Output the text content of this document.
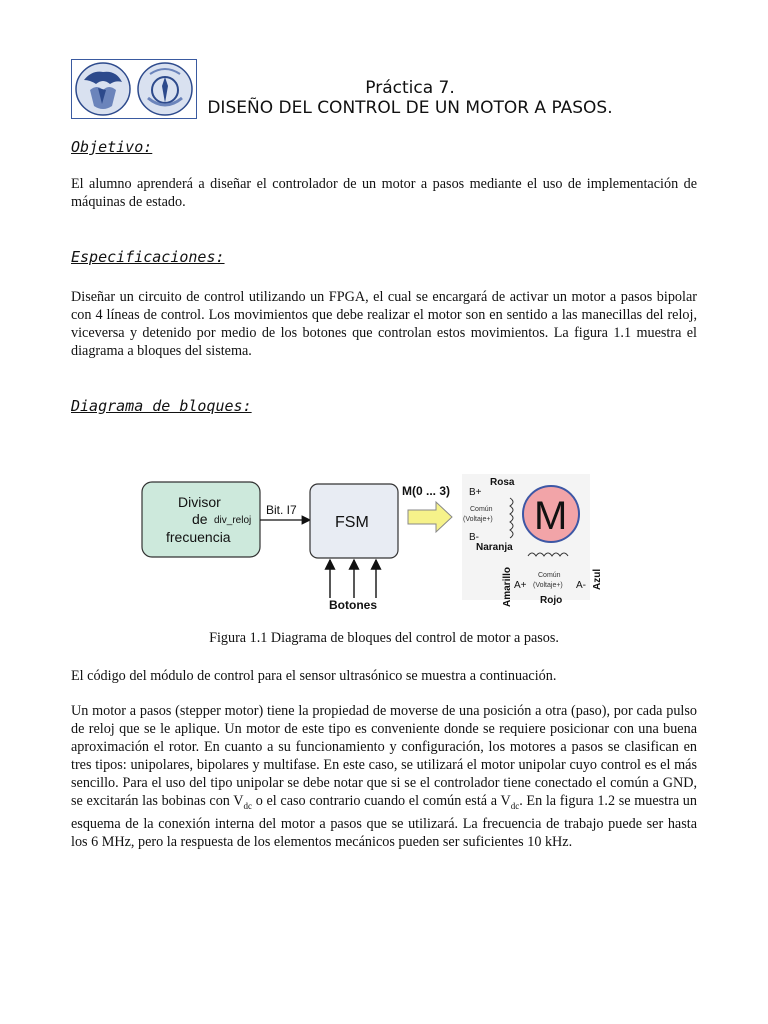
Práctica 7.
DISEÑO DEL CONTROL DE UN MOTOR A PASOS.
Objetivo:

El alumno aprenderá a diseñar el controlador de un motor a pasos mediante el uso de implementación de máquinas de estado.

Especificaciones:

Diseñar un circuito de control utilizando un FPGA, el cual se encargará de activar un motor a pasos bipolar con 4 líneas de control. Los movimientos que debe realizar el motor son en sentido a las manecillas del reloj, viceversa y detenido por medio de los botones que controlan estos movimientos. La figura 1.1 muestra el diagrama a bloques del sistema.

Diagrama de bloques:
Divisor
de div_reloj
frecuencia
Bit. I7
FSM
Botones
M(0 ... 3)
Rosa
B+
Común
(Voltaje+)
B-
Naranja
M
Amarillo A+
Común
(Voltaje+) A- Azul
Rojo
Figura 1.1 Diagrama de bloques del control de motor a pasos.

El código del módulo de control para el sensor ultrasónico se muestra a continuación.

Un motor a pasos (stepper motor) tiene la propiedad de moverse de una posición a otra (paso), por cada pulso de reloj que se le aplique. Un motor de este tipo es conveniente donde se requiere posicionar con una buena aproximación el rotor. En cuanto a su funcionamiento y configuración, los motores a pasos se clasifican en tres tipos: unipolares, bipolares y multifase. En este caso, se utilizará el motor unipolar cuyo control es el más sencillo. Para el uso del tipo unipolar se debe notar que si se el controlador tiene conectado el común a GND, se excitarán las bobinas con $V_{dc}$ o el caso contrario cuando el común está a $V_{dc}$. En la figura 1.2 se muestra un esquema de la conexión interna del motor a pasos que se utilizará. La frecuencia de trabajo puede ser hasta los 6 MHz, pero la respuesta de los elementos mecánicos pueden ser suficientes 10 kHz.
